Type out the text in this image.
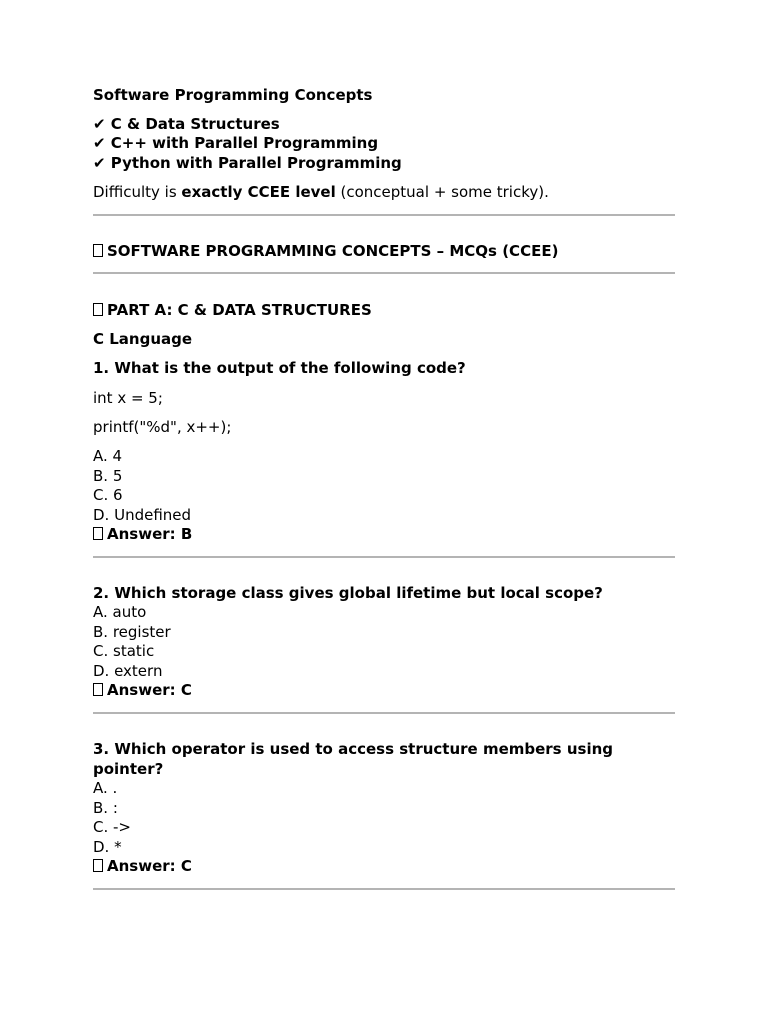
Software Programming Concepts
✔ C & Data Structures
✔ C++ with Parallel Programming
✔ Python with Parallel Programming
Difficulty is exactly CCEE level (conceptual + some tricky).
SOFTWARE PROGRAMMING CONCEPTS – MCQs (CCEE)
PART A: C & DATA STRUCTURES
C Language
1. What is the output of the following code?
int x = 5;
printf("%d", x++);
A. 4
B. 5
C. 6
D. Undefined
Answer: B
2. Which storage class gives global lifetime but local scope?
A. auto
B. register
C. static
D. extern
Answer: C
3. Which operator is used to access structure members using
pointer?
A. .
B. :
C. ->
D. *
Answer: C
